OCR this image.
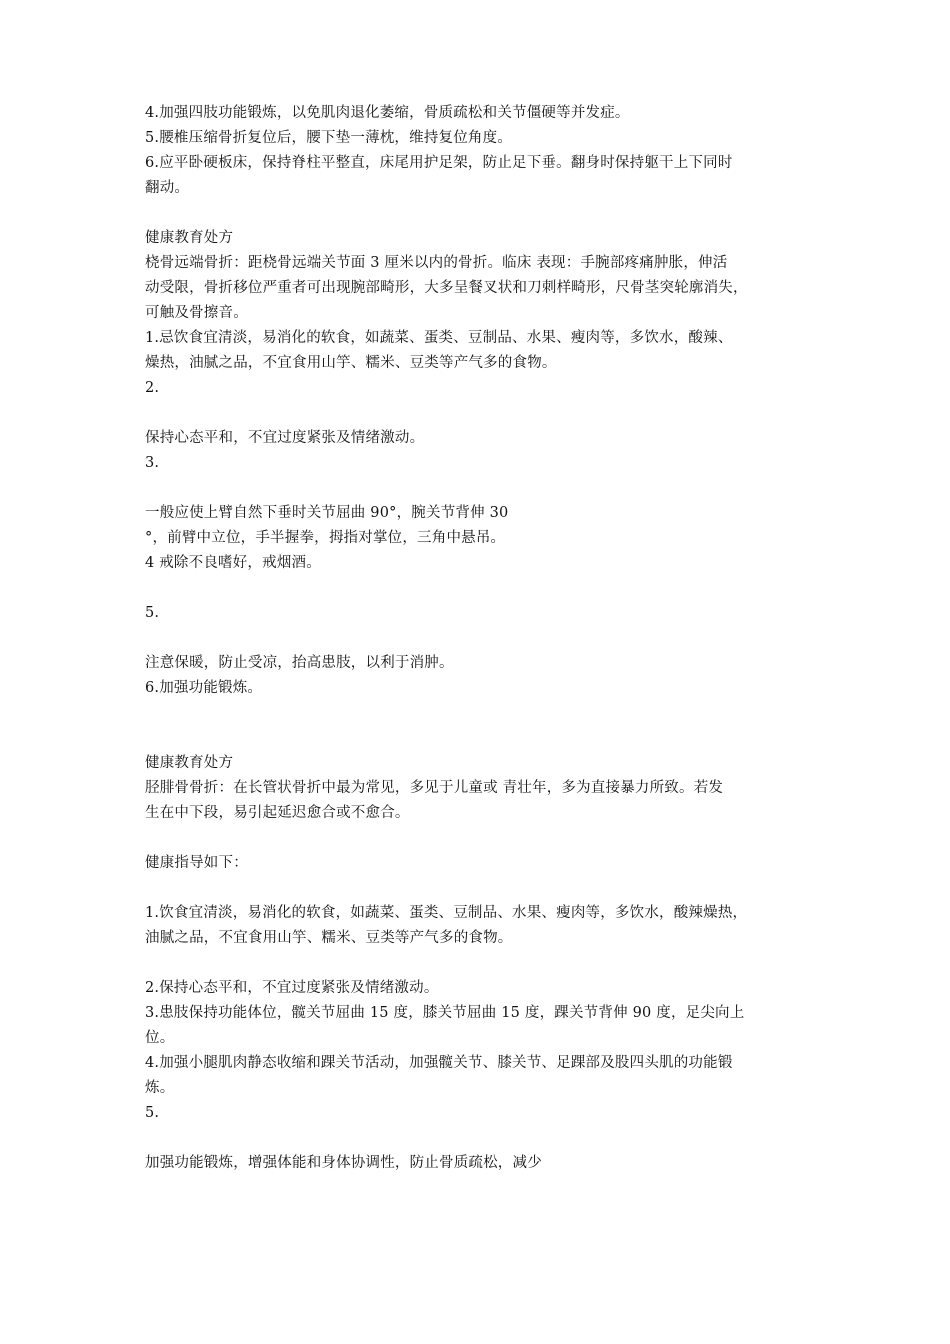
4.加强四肢功能锻炼，以免肌肉退化萎缩，骨质疏松和关节僵硬等并发症。
5.腰椎压缩骨折复位后，腰下垫一薄枕，维持复位角度。
6.应平卧硬板床，保持脊柱平整直，床尾用护足架，防止足下垂。翻身时保持躯干上下同时
翻动。
健康教育处方
桡骨远端骨折：距桡骨远端关节面 3 厘米以内的骨折。临床 表现：手腕部疼痛肿胀，伸活
动受限，骨折移位严重者可出现腕部畸形，大多呈餐叉状和刀刺样畸形，尺骨茎突轮廓消失，
可触及骨擦音。
1.忌饮食宜清淡，易消化的软食，如蔬菜、蛋类、豆制品、水果、瘦肉等，多饮水，酸辣、
燥热，油腻之品，不宜食用山竽、糯米、豆类等产气多的食物。
2.
保持心态平和，不宜过度紧张及情绪激动。
3.
一般应使上臂自然下垂时关节屈曲 90°，腕关节背伸 30
°，前臂中立位，手半握拳，拇指对掌位，三角中悬吊。
4 戒除不良嗜好，戒烟酒。
5.
注意保暖，防止受凉，抬高患肢，以利于消肿。
6.加强功能锻炼。
健康教育处方
胫腓骨骨折：在长管状骨折中最为常见，多见于儿童或 青壮年，多为直接暴力所致。若发
生在中下段，易引起延迟愈合或不愈合。
健康指导如下：
1.饮食宜清淡，易消化的软食，如蔬菜、蛋类、豆制品、水果、瘦肉等，多饮水，酸辣燥热，
油腻之品，不宜食用山竽、糯米、豆类等产气多的食物。
2.保持心态平和，不宜过度紧张及情绪激动。
3.患肢保持功能体位，髋关节屈曲 15 度，膝关节屈曲 15 度，踝关节背伸 90 度，足尖向上
位。
4.加强小腿肌肉静态收缩和踝关节活动，加强髋关节、膝关节、足踝部及股四头肌的功能锻
炼。
5.
加强功能锻炼，增强体能和身体协调性，防止骨质疏松，减少
